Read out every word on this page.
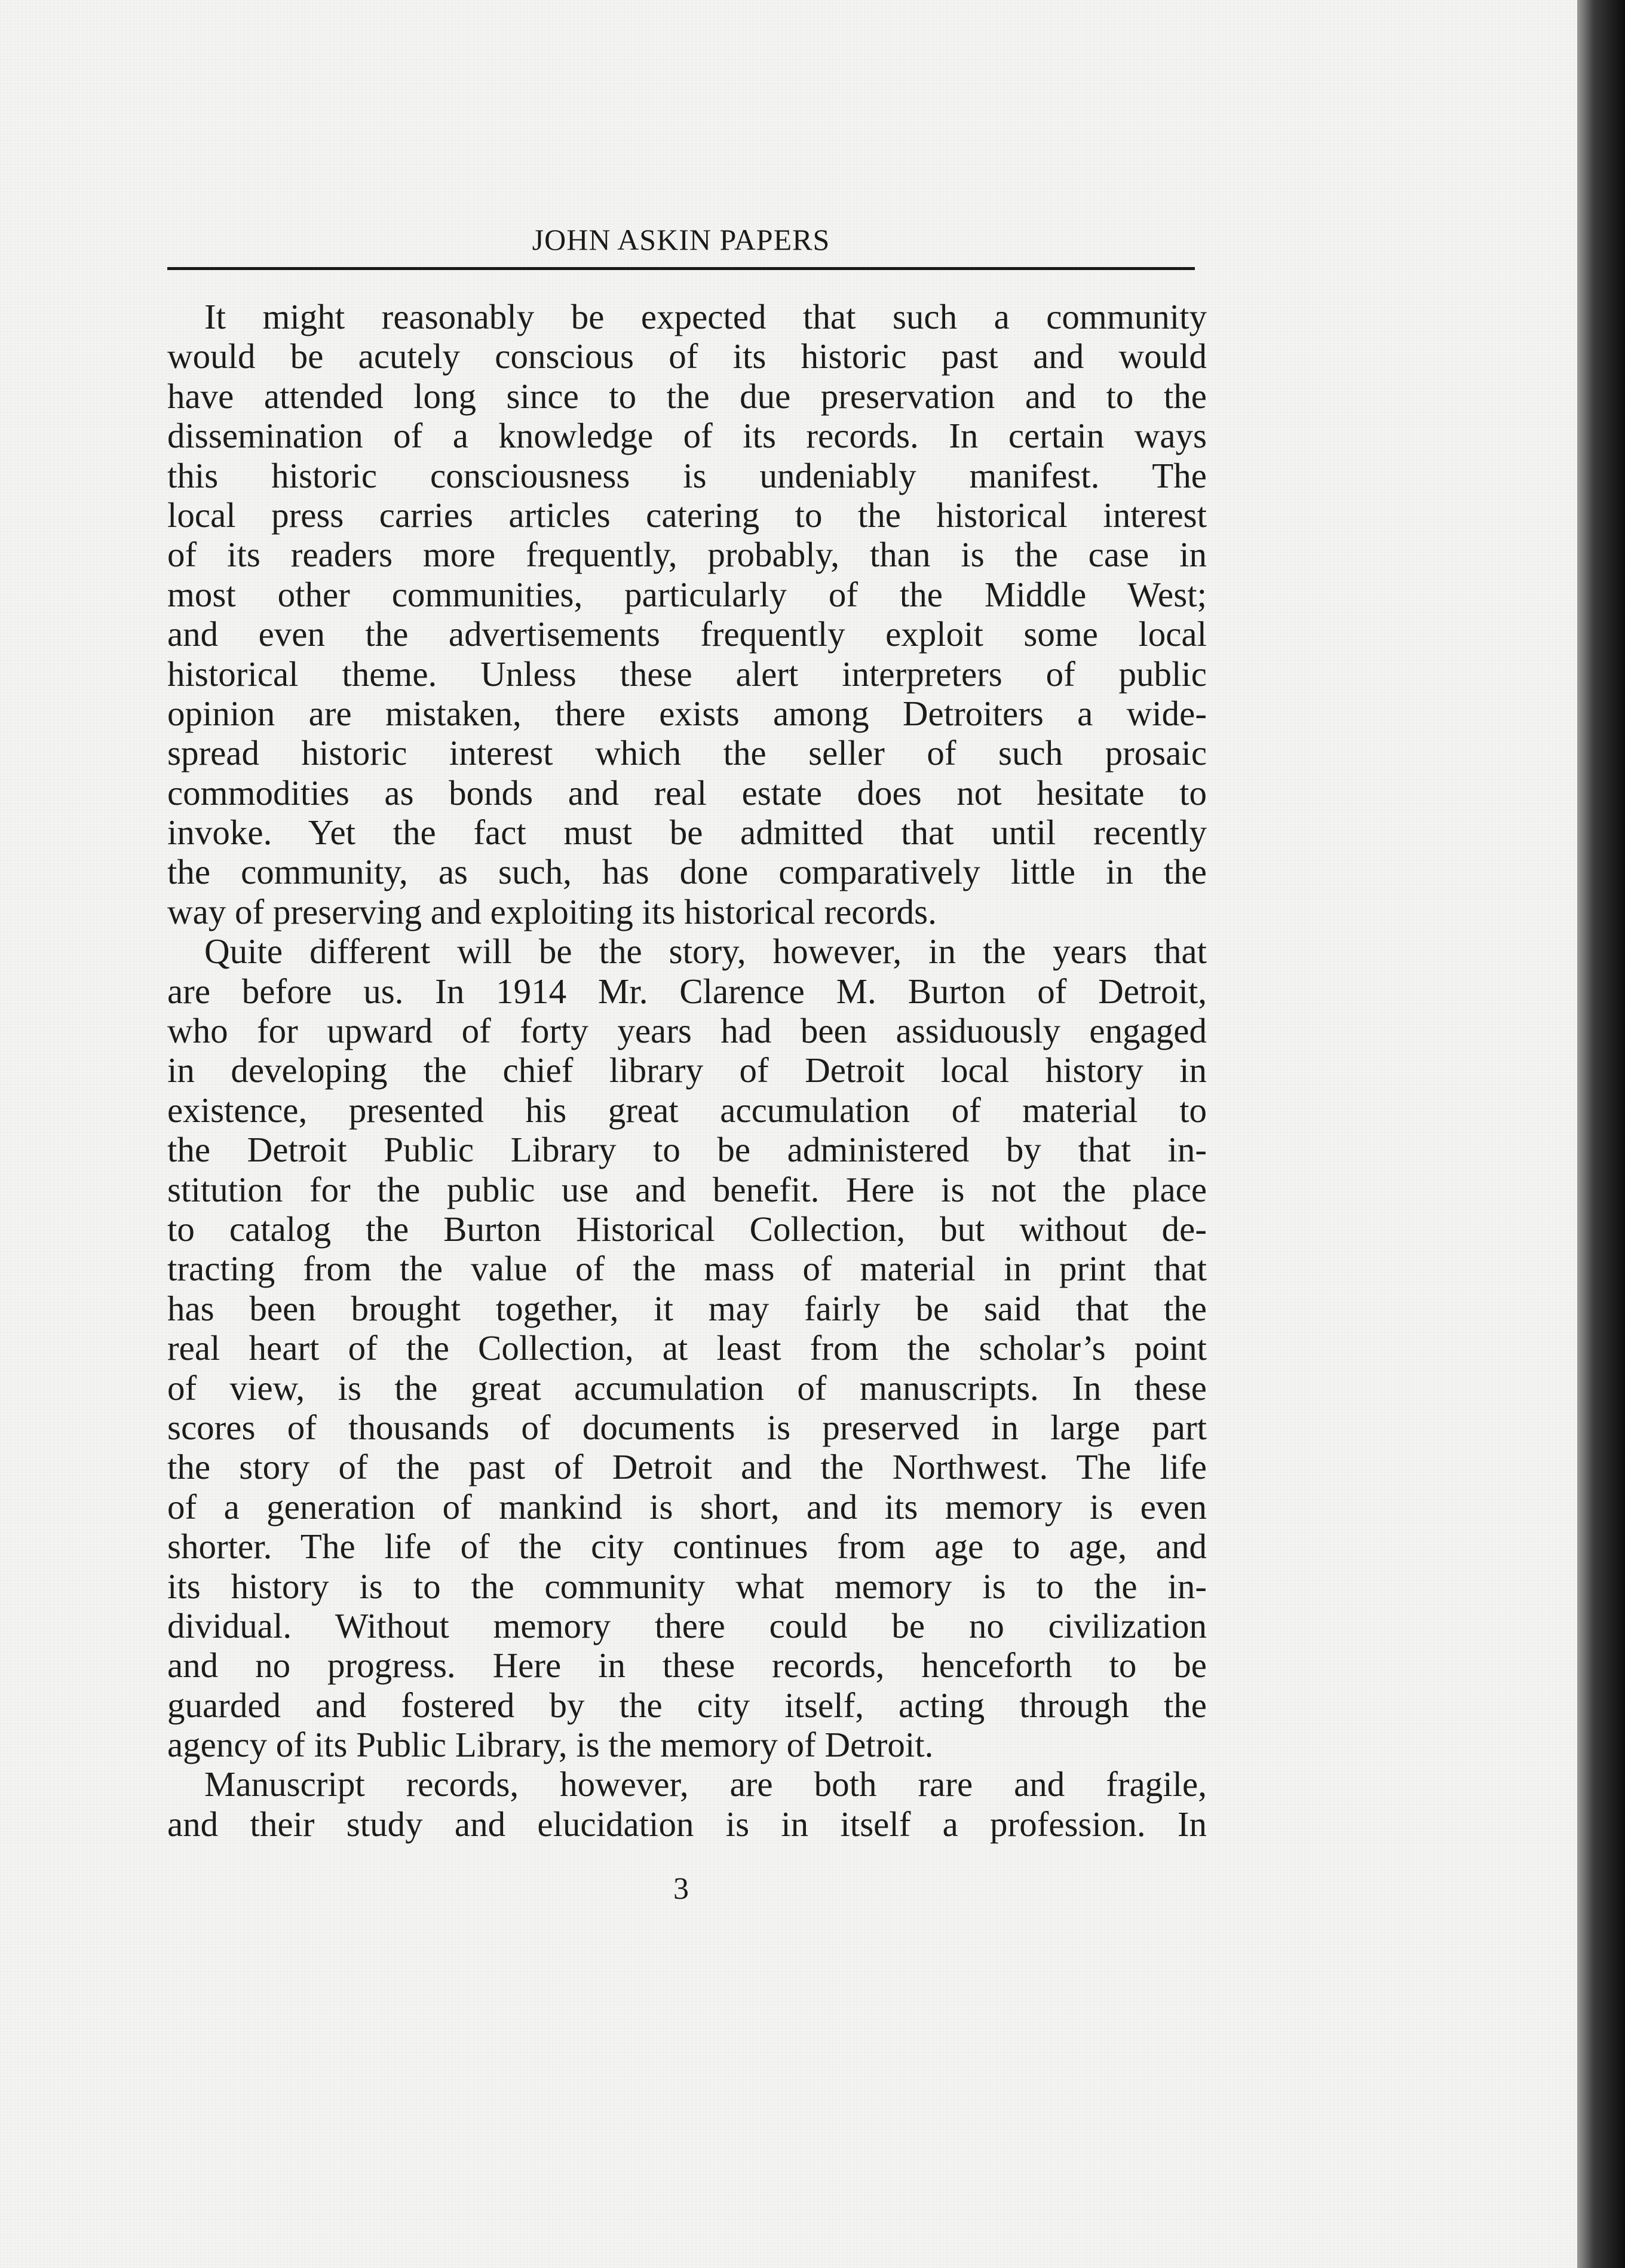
JOHN ASKIN PAPERS
It might reasonably be expected that such a community
would be acutely conscious of its historic past and would
have attended long since to the due preservation and to the
dissemination of a knowledge of its records. In certain ways
this historic consciousness is undeniably manifest. The
local press carries articles catering to the historical interest
of its readers more frequently, probably, than is the case in
most other communities, particularly of the Middle West;
and even the advertisements frequently exploit some local
historical theme. Unless these alert interpreters of public
opinion are mistaken, there exists among Detroiters a wide-
spread historic interest which the seller of such prosaic
commodities as bonds and real estate does not hesitate to
invoke. Yet the fact must be admitted that until recently
the community, as such, has done comparatively little in the
way of preserving and exploiting its historical records.
Quite different will be the story, however, in the years that
are before us. In 1914 Mr. Clarence M. Burton of Detroit,
who for upward of forty years had been assiduously engaged
in developing the chief library of Detroit local history in
existence, presented his great accumulation of material to
the Detroit Public Library to be administered by that in-
stitution for the public use and benefit. Here is not the place
to catalog the Burton Historical Collection, but without de-
tracting from the value of the mass of material in print that
has been brought together, it may fairly be said that the
real heart of the Collection, at least from the scholar’s point
of view, is the great accumulation of manuscripts. In these
scores of thousands of documents is preserved in large part
the story of the past of Detroit and the Northwest. The life
of a generation of mankind is short, and its memory is even
shorter. The life of the city continues from age to age, and
its history is to the community what memory is to the in-
dividual. Without memory there could be no civilization
and no progress. Here in these records, henceforth to be
guarded and fostered by the city itself, acting through the
agency of its Public Library, is the memory of Detroit.
Manuscript records, however, are both rare and fragile,
and their study and elucidation is in itself a profession. In
3
